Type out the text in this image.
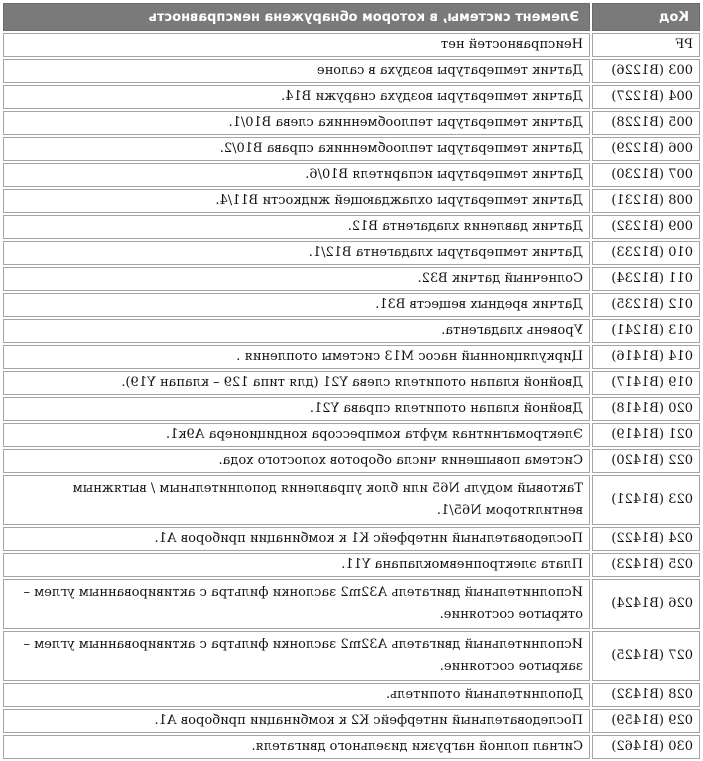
Код	Элемент системы, в котором обнаружена неисправность
РF	Неисправностей нет
003 (B1226)	Датчик температуры воздуха в салоне
004 (B1227)	Датчик температуры воздуха снаружи В14.
005 (B1228)	Датчик температуры теплообменника слева В10/1.
006 (B1229)	Датчик температуры теплообменника справа В10/2.
007 (B1230)	Датчик температуры испарителя В10/6.
008 (B1231)	Датчик температуры охлаждающей жидкости В11/4.
009 (B1232)	Датчик давления хладагента В12.
010 (B1233)	Датчик температуры хладагента В12/1.
011 (B1234)	Солнечный датчик В32.
012 (B1235)	Датчик вредных веществ В31.
013 (B1241)	Уровень хладагента.
014 (B1416)	Циркуляционный насос М13 системы отопления .
019 (B1417)	Двойной клапан отопителя слева Y21 (для типа 129 – клапан Y19).
020 (B1418)	Двойной клапан отопителя справа Y21.
021 (B1419)	Электромагнитная муфта компрессора кондиционера А9к1.
022 (B1420)	Система повышения числа оборотов холостого хода.
023 (B1421)	Тактовый модуль N65 или блок управления дополнительным / вытяжным вентилятором N65/1.
024 (B1422)	Последовательный интерфейс К1 к комбинации приборов А1.
025 (B1423)	Плата электропневмоклапана Y11.
026 (B1424)	Исполнительный двигатель А32m2 заслонки фильтра с активированным углем – открытое состояние.
027 (B1425)	Исполнительный двигатель А32m2 заслонки фильтра с активированным углем – закрытое состояние.
028 (B1432)	Дополнительный отопитель.
029 (B1459)	Последовательный интерфейс К2 к комбинации приборов А1.
030 (B1462)	Сигнал полной нагрузки дизельного двигателя.
